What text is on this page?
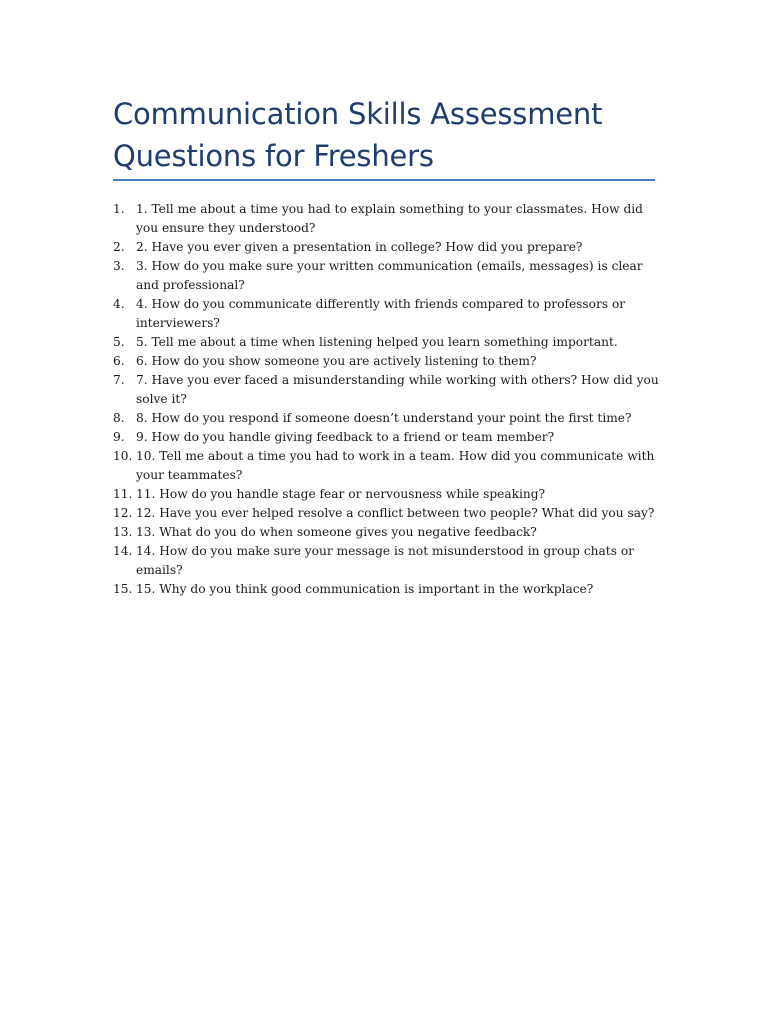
Communication Skills Assessment Questions for Freshers
1. 1. Tell me about a time you had to explain something to your classmates. How did you ensure they understood?
2. 2. Have you ever given a presentation in college? How did you prepare?
3. 3. How do you make sure your written communication (emails, messages) is clear and professional?
4. 4. How do you communicate differently with friends compared to professors or interviewers?
5. 5. Tell me about a time when listening helped you learn something important.
6. 6. How do you show someone you are actively listening to them?
7. 7. Have you ever faced a misunderstanding while working with others? How did you solve it?
8. 8. How do you respond if someone doesn’t understand your point the first time?
9. 9. How do you handle giving feedback to a friend or team member?
10. 10. Tell me about a time you had to work in a team. How did you communicate with your teammates?
11. 11. How do you handle stage fear or nervousness while speaking?
12. 12. Have you ever helped resolve a conflict between two people? What did you say?
13. 13. What do you do when someone gives you negative feedback?
14. 14. How do you make sure your message is not misunderstood in group chats or emails?
15. 15. Why do you think good communication is important in the workplace?
